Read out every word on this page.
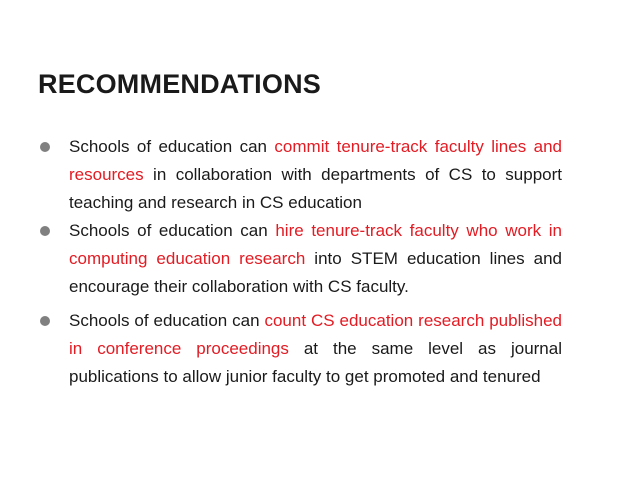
RECOMMENDATIONS
Schools of education can commit tenure-track faculty lines and resources in collaboration with departments of CS to support teaching and research in CS education
Schools of education can hire tenure-track faculty who work in computing education research into STEM education lines and encourage their collaboration with CS faculty.
Schools of education can count CS education research published in conference proceedings at the same level as journal publications to allow junior faculty to get promoted and tenured
